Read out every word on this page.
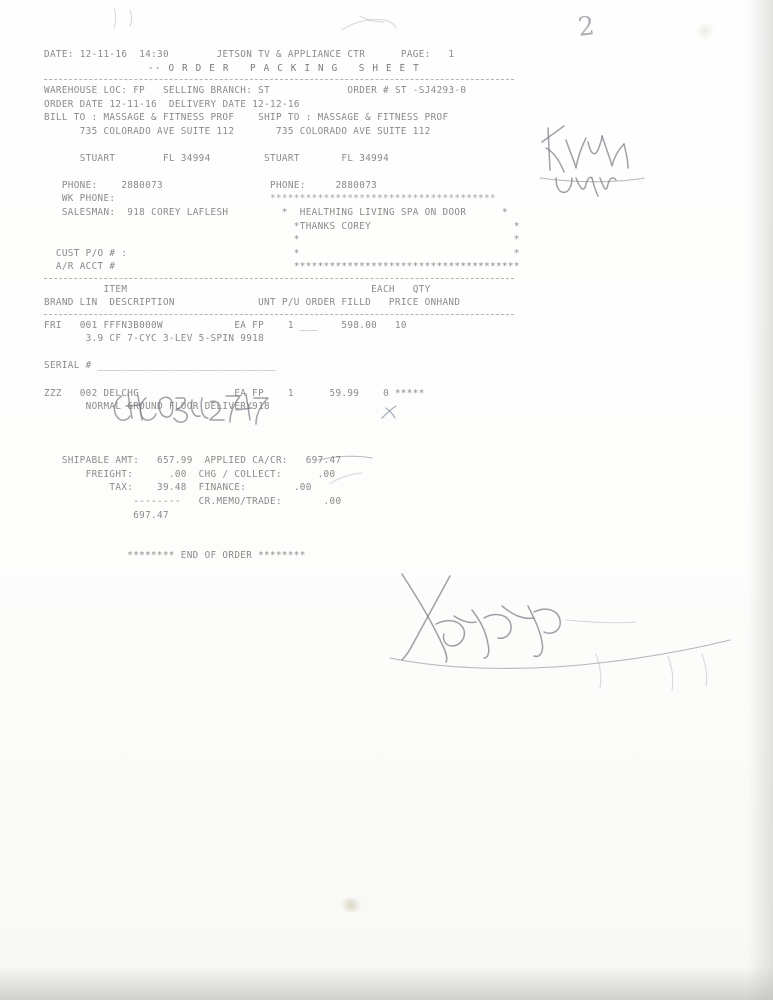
DATE: 12-11-16 14:30	JETSON TV & APPLIANCE CTR	PAGE: 1
-- O R D E R   P A C K I N G   S H E E T
WAREHOUSE LOC: FP SELLING BRANCH: ST	ORDER # ST -SJ4293-0
ORDER DATE 12-11-16 DELIVERY DATE 12-12-16
BILL TO : MASSAGE & FITNESS PROF	SHIP TO : MASSAGE & FITNESS PROF
735 COLORADO AVE SUITE 112	735 COLORADO AVE SUITE 112

STUART	FL 34994	STUART	FL 34994

PHONE:	2880073	PHONE:	2880073
WK PHONE:	**************************************
SALESMAN: 918 COREY LAFLESH	*  HEALTHING LIVING SPA ON DOOR      *
*THANKS COREY                        *
*                                    *
CUST P/O # :	*                                    *
A/R ACCT #	**************************************
ITEM                                         EACH   QTY
BRAND LIN  DESCRIPTION              UNT P/U ORDER FILLD   PRICE ONHAND
FRI 001 FFFN3B000W	EA FP	1 ___    598.00 10
3.9 CF 7-CYC 3-LEV 5-SPIN 9918

SERIAL # ______________________________

ZZZ 002 DELCHG	EA FP	1	59.99	0 *****
NORMAL GROUND FLOOR DELIVERY918

SHIPABLE AMT: 657.99 APPLIED CA/CR: 697.47
FREIGHT:	.00 CHG / COLLECT:	.00
TAX:	39.48 FINANCE:	.00
-------- CR.MEMO/TRADE:	.00
697.47

******** END OF ORDER ********
2
